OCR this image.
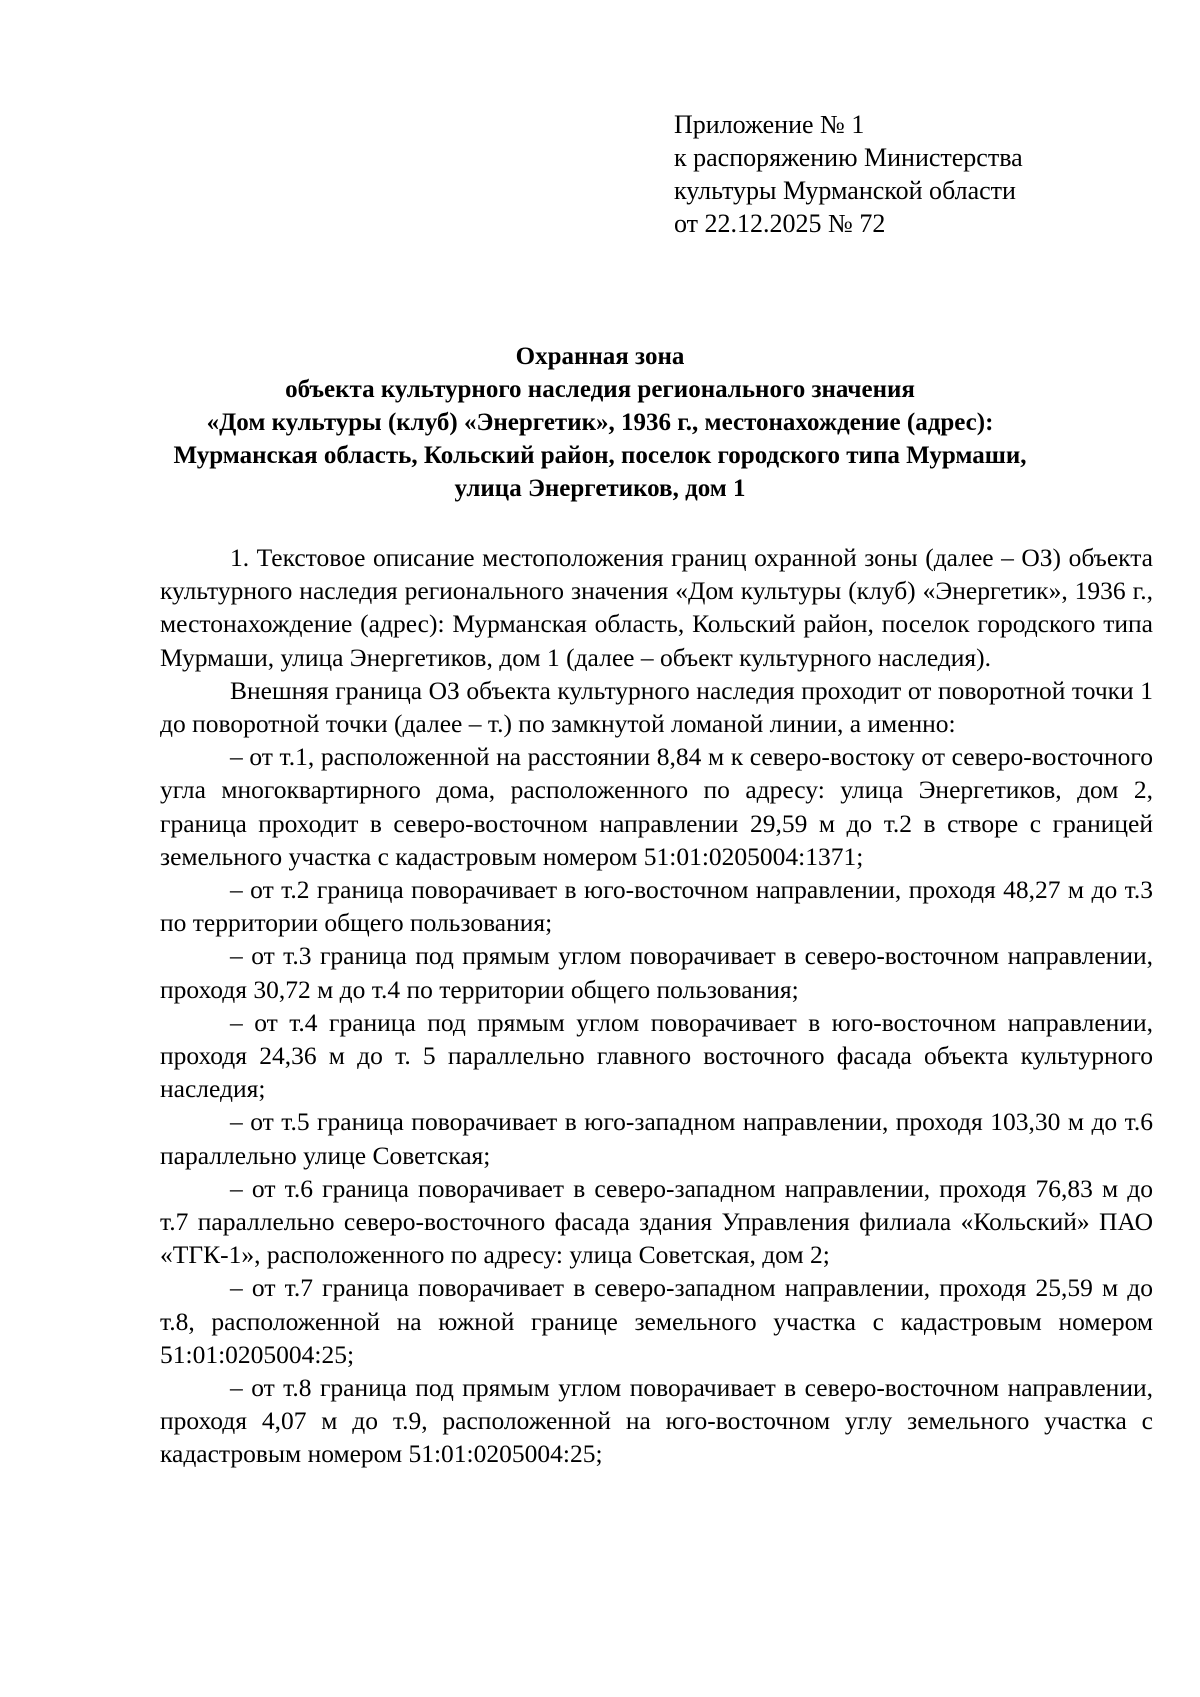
Приложение № 1
к распоряжению Министерства
культуры Мурманской области
от 22.12.2025 № 72
Охранная зона
объекта культурного наследия регионального значения
«Дом культуры (клуб) «Энергетик», 1936 г., местонахождение (адрес):
Мурманская область, Кольский район, поселок городского типа Мурмаши,
улица Энергетиков, дом 1

1. Текстовое описание местоположения границ охранной зоны (далее – ОЗ) объекта культурного наследия регионального значения «Дом культуры (клуб) «Энергетик», 1936 г., местонахождение (адрес): Мурманская область, Кольский район, поселок городского типа Мурмаши, улица Энергетиков, дом 1 (далее – объект культурного наследия).

Внешняя граница ОЗ объекта культурного наследия проходит от поворотной точки 1 до поворотной точки (далее – т.) по замкнутой ломаной линии, а именно:

– от т.1, расположенной на расстоянии 8,84 м к северо-востоку от северо-восточного угла многоквартирного дома, расположенного по адресу: улица Энергетиков, дом 2, граница проходит в северо-восточном направлении 29,59 м до т.2 в створе с границей земельного участка с кадастровым номером 51:01:0205004:1371;

– от т.2 граница поворачивает в юго-восточном направлении, проходя 48,27 м до т.3 по территории общего пользования;

– от т.3 граница под прямым углом поворачивает в северо-восточном направлении, проходя 30,72 м до т.4 по территории общего пользования;

– от т.4 граница под прямым углом поворачивает в юго-восточном направлении, проходя 24,36 м до т. 5 параллельно главного восточного фасада объекта культурного наследия;

– от т.5 граница поворачивает в юго-западном направлении, проходя 103,30 м до т.6 параллельно улице Советская;

– от т.6 граница поворачивает в северо-западном направлении, проходя 76,83 м до т.7 параллельно северо-восточного фасада здания Управления филиала «Кольский» ПАО «ТГК-1», расположенного по адресу: улица Советская, дом 2;

– от т.7 граница поворачивает в северо-западном направлении, проходя 25,59 м до т.8, расположенной на южной границе земельного участка с кадастровым номером 51:01:0205004:25;

– от т.8 граница под прямым углом поворачивает в северо-восточном направлении, проходя 4,07 м до т.9, расположенной на юго-восточном углу земельного участка с кадастровым номером 51:01:0205004:25;
